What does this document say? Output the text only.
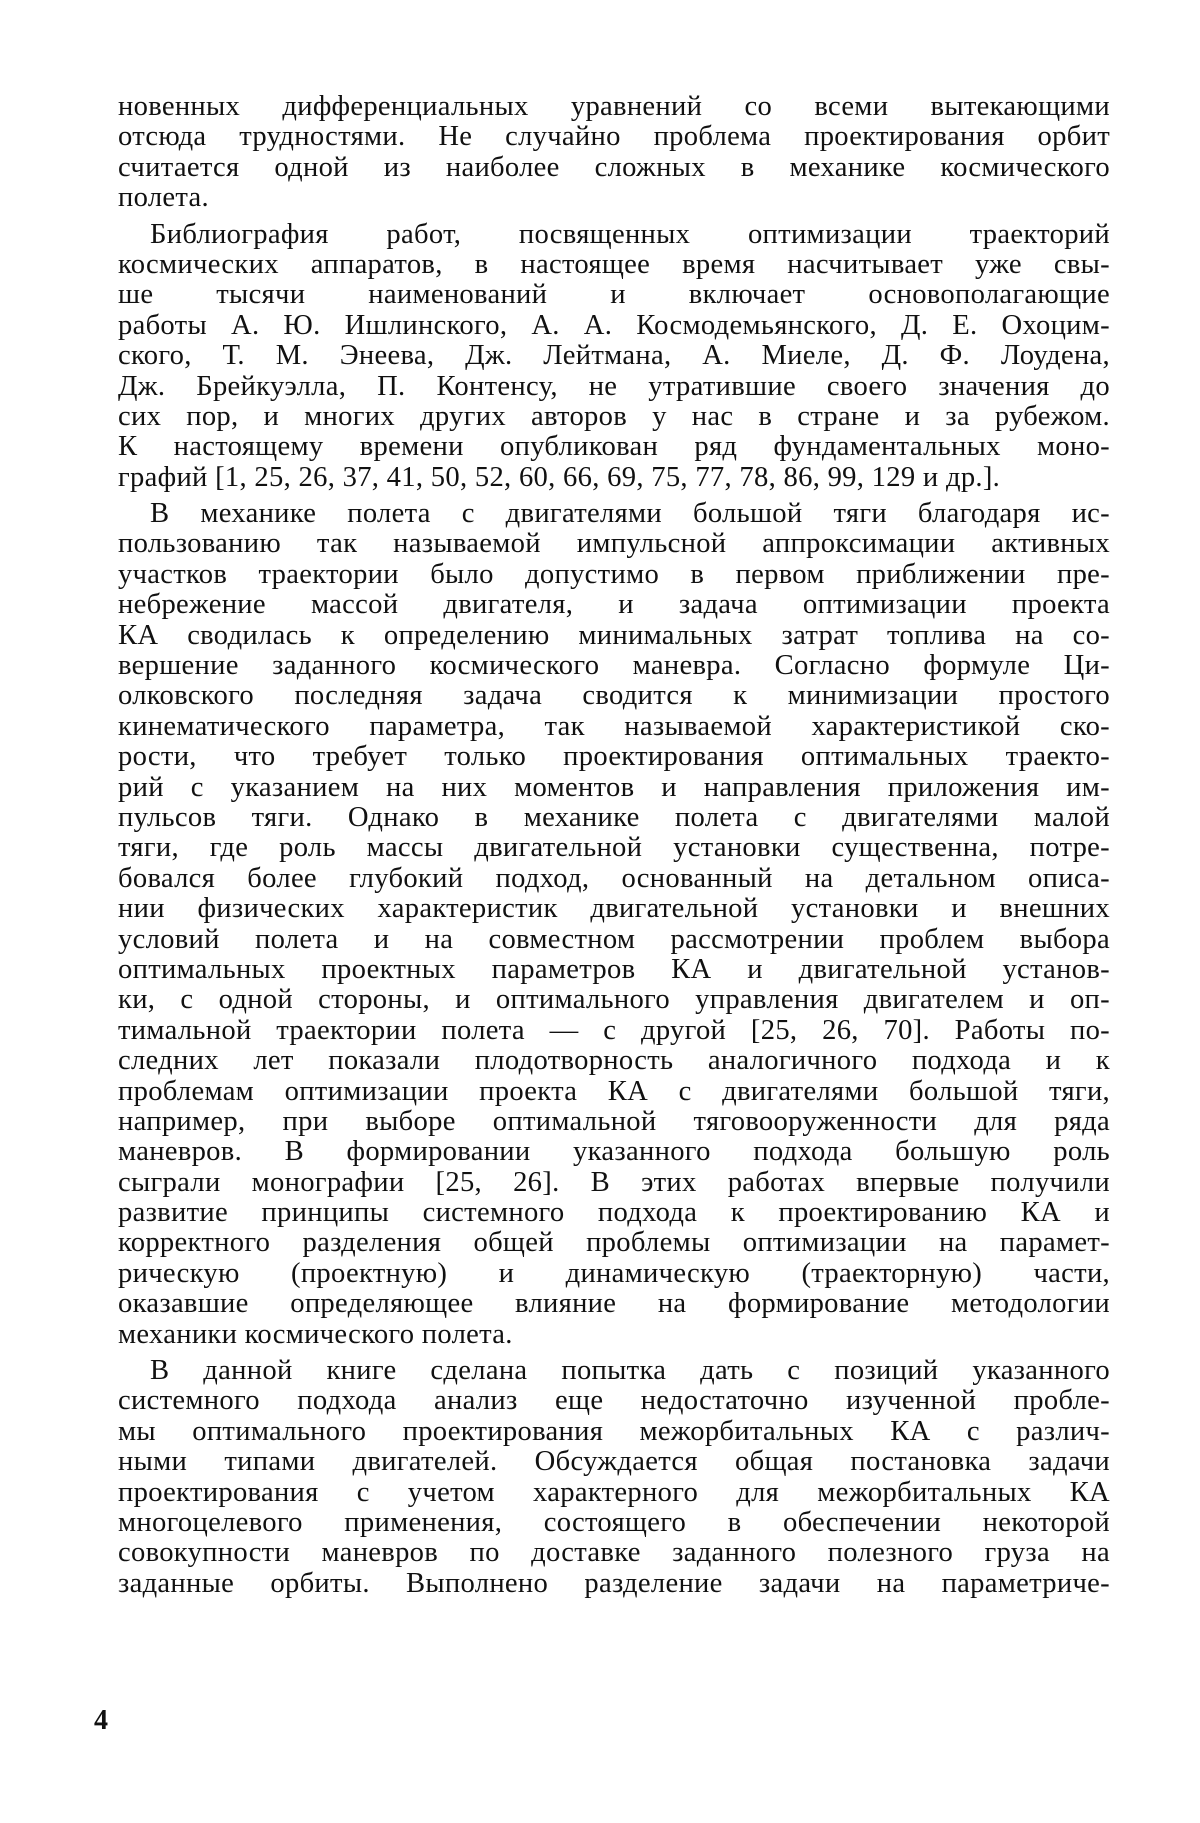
новенных дифференциальных уравнений со всеми вытекающими
отсюда трудностями. Не случайно проблема проектирования орбит
считается одной из наиболее сложных в механике космического
полета.
Библиография работ, посвященных оптимизации траекторий
космических аппаратов, в настоящее время насчитывает уже свы-
ше тысячи наименований и включает основополагающие
работы А. Ю. Ишлинского, А. А. Космодемьянского, Д. Е. Охоцим-
ского, Т. М. Энеева, Дж. Лейтмана, А. Миеле, Д. Ф. Лоудена,
Дж. Брейкуэлла, П. Контенсу, не утратившие своего значения до
сих пор, и многих других авторов у нас в стране и за рубежом.
К настоящему времени опубликован ряд фундаментальных моно-
графий [1, 25, 26, 37, 41, 50, 52, 60, 66, 69, 75, 77, 78, 86, 99, 129 и др.].
В механике полета с двигателями большой тяги благодаря ис-
пользованию так называемой импульсной аппроксимации активных
участков траектории было допустимо в первом приближении пре-
небрежение массой двигателя, и задача оптимизации проекта
КА сводилась к определению минимальных затрат топлива на со-
вершение заданного космического маневра. Согласно формуле Ци-
олковского последняя задача сводится к минимизации простого
кинематического параметра, так называемой характеристикой ско-
рости, что требует только проектирования оптимальных траекто-
рий с указанием на них моментов и направления приложения им-
пульсов тяги. Однако в механике полета с двигателями малой
тяги, где роль массы двигательной установки существенна, потре-
бовался более глубокий подход, основанный на детальном описа-
нии физических характеристик двигательной установки и внешних
условий полета и на совместном рассмотрении проблем выбора
оптимальных проектных параметров КА и двигательной установ-
ки, с одной стороны, и оптимального управления двигателем и оп-
тимальной траектории полета — с другой [25, 26, 70]. Работы по-
следних лет показали плодотворность аналогичного подхода и к
проблемам оптимизации проекта КА с двигателями большой тяги,
например, при выборе оптимальной тяговооруженности для ряда
маневров. В формировании указанного подхода большую роль
сыграли монографии [25, 26]. В этих работах впервые получили
развитие принципы системного подхода к проектированию КА и
корректного разделения общей проблемы оптимизации на парамет-
рическую (проектную) и динамическую (траекторную) части,
оказавшие определяющее влияние на формирование методологии
механики космического полета.
В данной книге сделана попытка дать с позиций указанного
системного подхода анализ еще недостаточно изученной пробле-
мы оптимального проектирования межорбитальных КА с различ-
ными типами двигателей. Обсуждается общая постановка задачи
проектирования с учетом характерного для межорбитальных КА
многоцелевого применения, состоящего в обеспечении некоторой
совокупности маневров по доставке заданного полезного груза на
заданные орбиты. Выполнено разделение задачи на параметриче-
4
